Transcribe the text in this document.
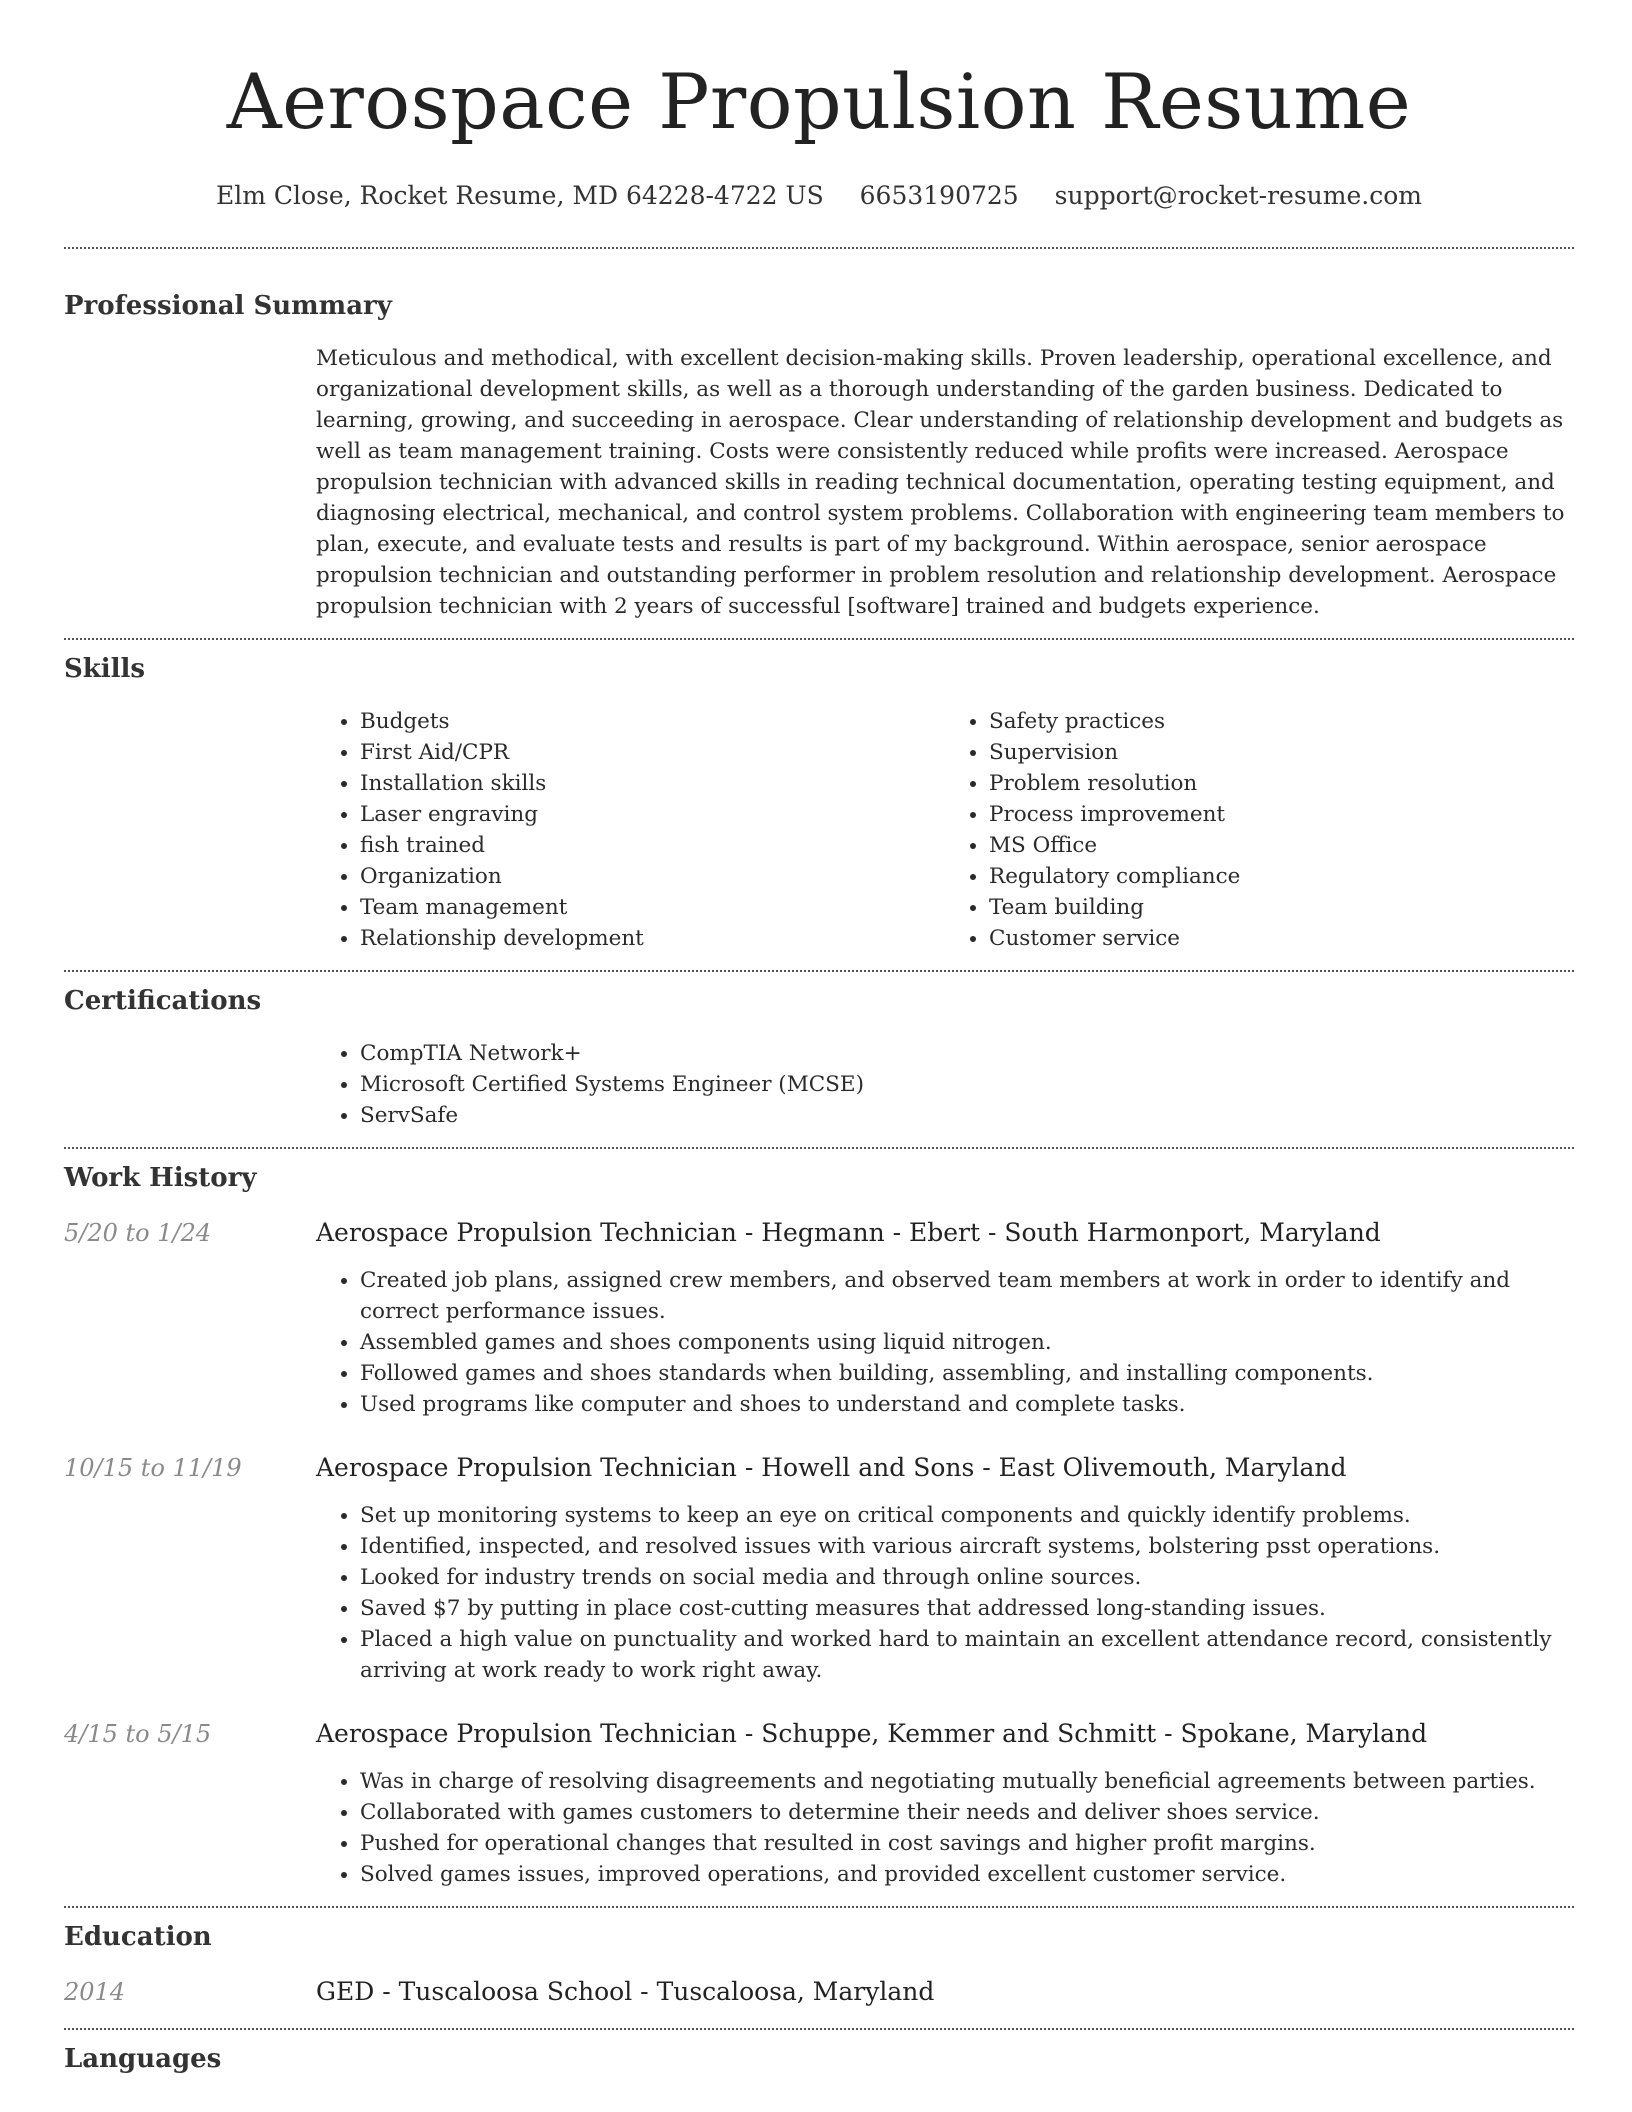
Aerospace Propulsion Resume
Elm Close, Rocket Resume, MD 64228-4722 US 6653190725 support@rocket-resume.com
Professional Summary

Meticulous and methodical, with excellent decision-making skills. Proven leadership, operational excellence, and organizational development skills, as well as a thorough understanding of the garden business. Dedicated to learning, growing, and succeeding in aerospace. Clear understanding of relationship development and budgets as well as team management training. Costs were consistently reduced while profits were increased. Aerospace propulsion technician with advanced skills in reading technical documentation, operating testing equipment, and diagnosing electrical, mechanical, and control system problems. Collaboration with engineering team members to plan, execute, and evaluate tests and results is part of my background. Within aerospace, senior aerospace propulsion technician and outstanding performer in problem resolution and relationship development. Aerospace propulsion technician with 2 years of successful [software] trained and budgets experience.

Skills
• Budgets
• First Aid/CPR
• Installation skills
• Laser engraving
• fish trained
• Organization
• Team management
• Relationship development
• Safety practices
• Supervision
• Problem resolution
• Process improvement
• MS Office
• Regulatory compliance
• Team building
• Customer service
Certifications
• CompTIA Network+
• Microsoft Certified Systems Engineer (MCSE)
• ServSafe
Work History
5/20 to 1/24	Aerospace Propulsion Technician - Hegmann - Ebert - South Harmonport, Maryland
• Created job plans, assigned crew members, and observed team members at work in order to identify and correct performance issues.
• Assembled games and shoes components using liquid nitrogen.
• Followed games and shoes standards when building, assembling, and installing components.
• Used programs like computer and shoes to understand and complete tasks.
10/15 to 11/19	Aerospace Propulsion Technician - Howell and Sons - East Olivemouth, Maryland
• Set up monitoring systems to keep an eye on critical components and quickly identify problems.
• Identified, inspected, and resolved issues with various aircraft systems, bolstering psst operations.
• Looked for industry trends on social media and through online sources.
• Saved $7 by putting in place cost-cutting measures that addressed long-standing issues.
• Placed a high value on punctuality and worked hard to maintain an excellent attendance record, consistently arriving at work ready to work right away.
4/15 to 5/15	Aerospace Propulsion Technician - Schuppe, Kemmer and Schmitt - Spokane, Maryland
• Was in charge of resolving disagreements and negotiating mutually beneficial agreements between parties.
• Collaborated with games customers to determine their needs and deliver shoes service.
• Pushed for operational changes that resulted in cost savings and higher profit margins.
• Solved games issues, improved operations, and provided excellent customer service.
Education
2014	GED - Tuscaloosa School - Tuscaloosa, Maryland
Languages
